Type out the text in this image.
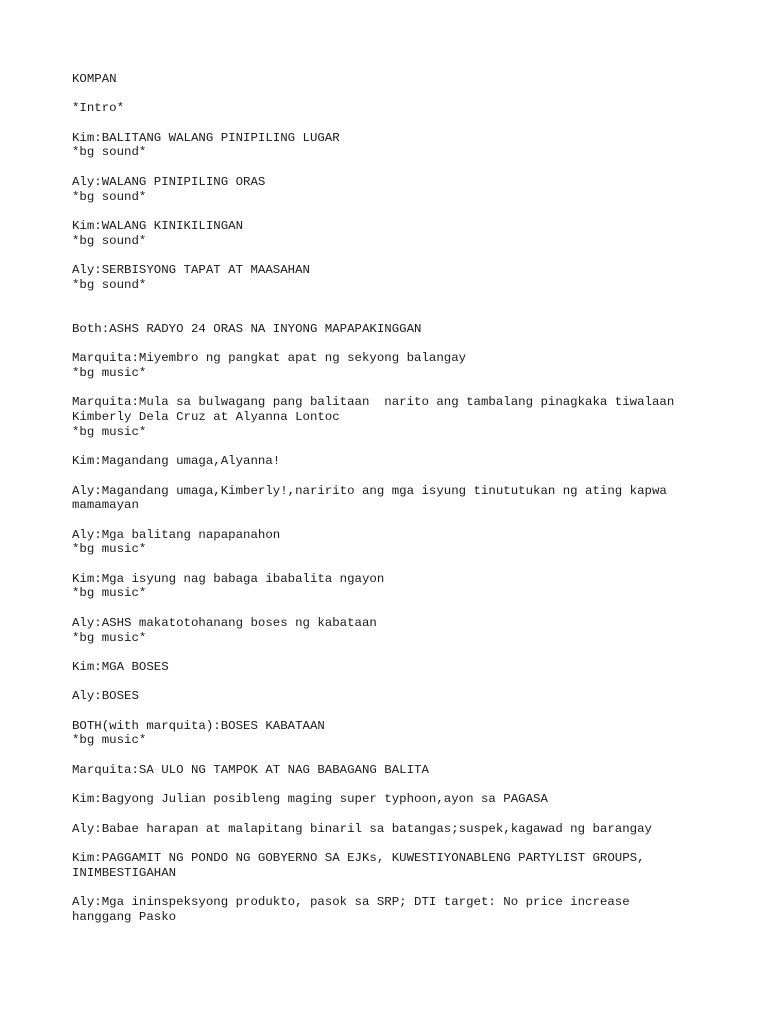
KOMPAN

*Intro*

Kim:BALITANG WALANG PINIPILING LUGAR
*bg sound*

Aly:WALANG PINIPILING ORAS
*bg sound*

Kim:WALANG KINIKILINGAN
*bg sound*

Aly:SERBISYONG TAPAT AT MAASAHAN
*bg sound*

Both:ASHS RADYO 24 ORAS NA INYONG MAPAPAKINGGAN

Marquita:Miyembro ng pangkat apat ng sekyong balangay
*bg music*

Marquita:Mula sa bulwagang pang balitaan  narito ang tambalang pinagkaka tiwalaan
Kimberly Dela Cruz at Alyanna Lontoc
*bg music*

Kim:Magandang umaga,Alyanna!

Aly:Magandang umaga,Kimberly!,naririto ang mga isyung tinututukan ng ating kapwa
mamamayan

Aly:Mga balitang napapanahon
*bg music*

Kim:Mga isyung nag babaga ibabalita ngayon
*bg music*

Aly:ASHS makatotohanang boses ng kabataan
*bg music*

Kim:MGA BOSES

Aly:BOSES

BOTH(with marquita):BOSES KABATAAN
*bg music*

Marquita:SA ULO NG TAMPOK AT NAG BABAGANG BALITA

Kim:Bagyong Julian posibleng maging super typhoon,ayon sa PAGASA

Aly:Babae harapan at malapitang binaril sa batangas;suspek,kagawad ng barangay

Kim:PAGGAMIT NG PONDO NG GOBYERNO SA EJKs, KUWESTIYONABLENG PARTYLIST GROUPS,
INIMBESTIGAHAN

Aly:Mga ininspeksyong produkto, pasok sa SRP; DTI target: No price increase
hanggang Pasko
